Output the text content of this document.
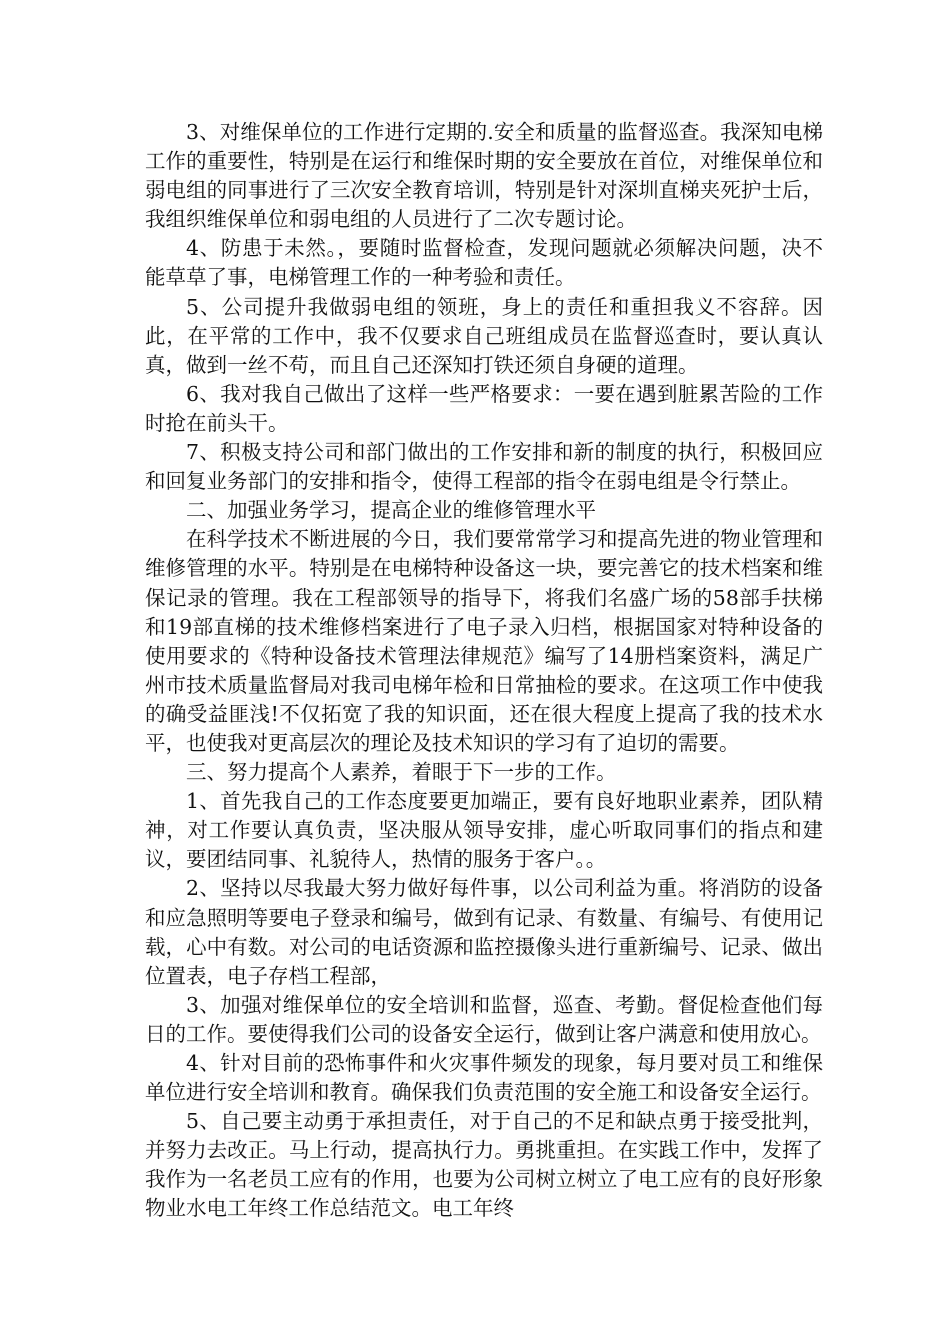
3、对维保单位的工作进行定期的.安全和质量的监督巡查。我深知电梯工作的重要性，特别是在运行和维保时期的安全要放在首位，对维保单位和弱电组的同事进行了三次安全教育培训，特别是针对深圳直梯夹死护士后，我组织维保单位和弱电组的人员进行了二次专题讨论。

4、防患于未然。，要随时监督检查，发现问题就必须解决问题，决不能草草了事，电梯管理工作的一种考验和责任。

5、公司提升我做弱电组的领班，身上的责任和重担我义不容辞。因此，在平常的工作中，我不仅要求自己班组成员在监督巡查时，要认真认真，做到一丝不苟，而且自己还深知打铁还须自身硬的道理。

6、我对我自己做出了这样一些严格要求：一要在遇到脏累苦险的工作时抢在前头干。

7、积极支持公司和部门做出的工作安排和新的制度的执行，积极回应和回复业务部门的安排和指令，使得工程部的指令在弱电组是令行禁止。

二、加强业务学习，提高企业的维修管理水平

在科学技术不断进展的今日，我们要常常学习和提高先进的物业管理和维修管理的水平。特别是在电梯特种设备这一块，要完善它的技术档案和维保记录的管理。我在工程部领导的指导下，将我们名盛广场的58部手扶梯和19部直梯的技术维修档案进行了电子录入归档，根据国家对特种设备的使用要求的《特种设备技术管理法律规范》编写了14册档案资料，满足广州市技术质量监督局对我司电梯年检和日常抽检的要求。在这项工作中使我的确受益匪浅!不仅拓宽了我的知识面，还在很大程度上提高了我的技术水平，也使我对更高层次的理论及技术知识的学习有了迫切的需要。

三、努力提高个人素养，着眼于下一步的工作。

1、首先我自己的工作态度要更加端正，要有良好地职业素养，团队精神，对工作要认真负责，坚决服从领导安排，虚心听取同事们的指点和建议，要团结同事、礼貌待人，热情的服务于客户。。

2、坚持以尽我最大努力做好每件事，以公司利益为重。将消防的设备和应急照明等要电子登录和编号，做到有记录、有数量、有编号、有使用记载，心中有数。对公司的电话资源和监控摄像头进行重新编号、记录、做出位置表，电子存档工程部，

3、加强对维保单位的安全培训和监督，巡查、考勤。督促检查他们每日的工作。要使得我们公司的设备安全运行，做到让客户满意和使用放心。

4、针对目前的恐怖事件和火灾事件频发的现象，每月要对员工和维保单位进行安全培训和教育。确保我们负责范围的安全施工和设备安全运行。

5、自己要主动勇于承担责任，对于自己的不足和缺点勇于接受批判，并努力去改正。马上行动，提高执行力。勇挑重担。在实践工作中，发挥了我作为一名老员工应有的作用，也要为公司树立树立了电工应有的良好形象物业水电工年终工作总结范文。电工年终
